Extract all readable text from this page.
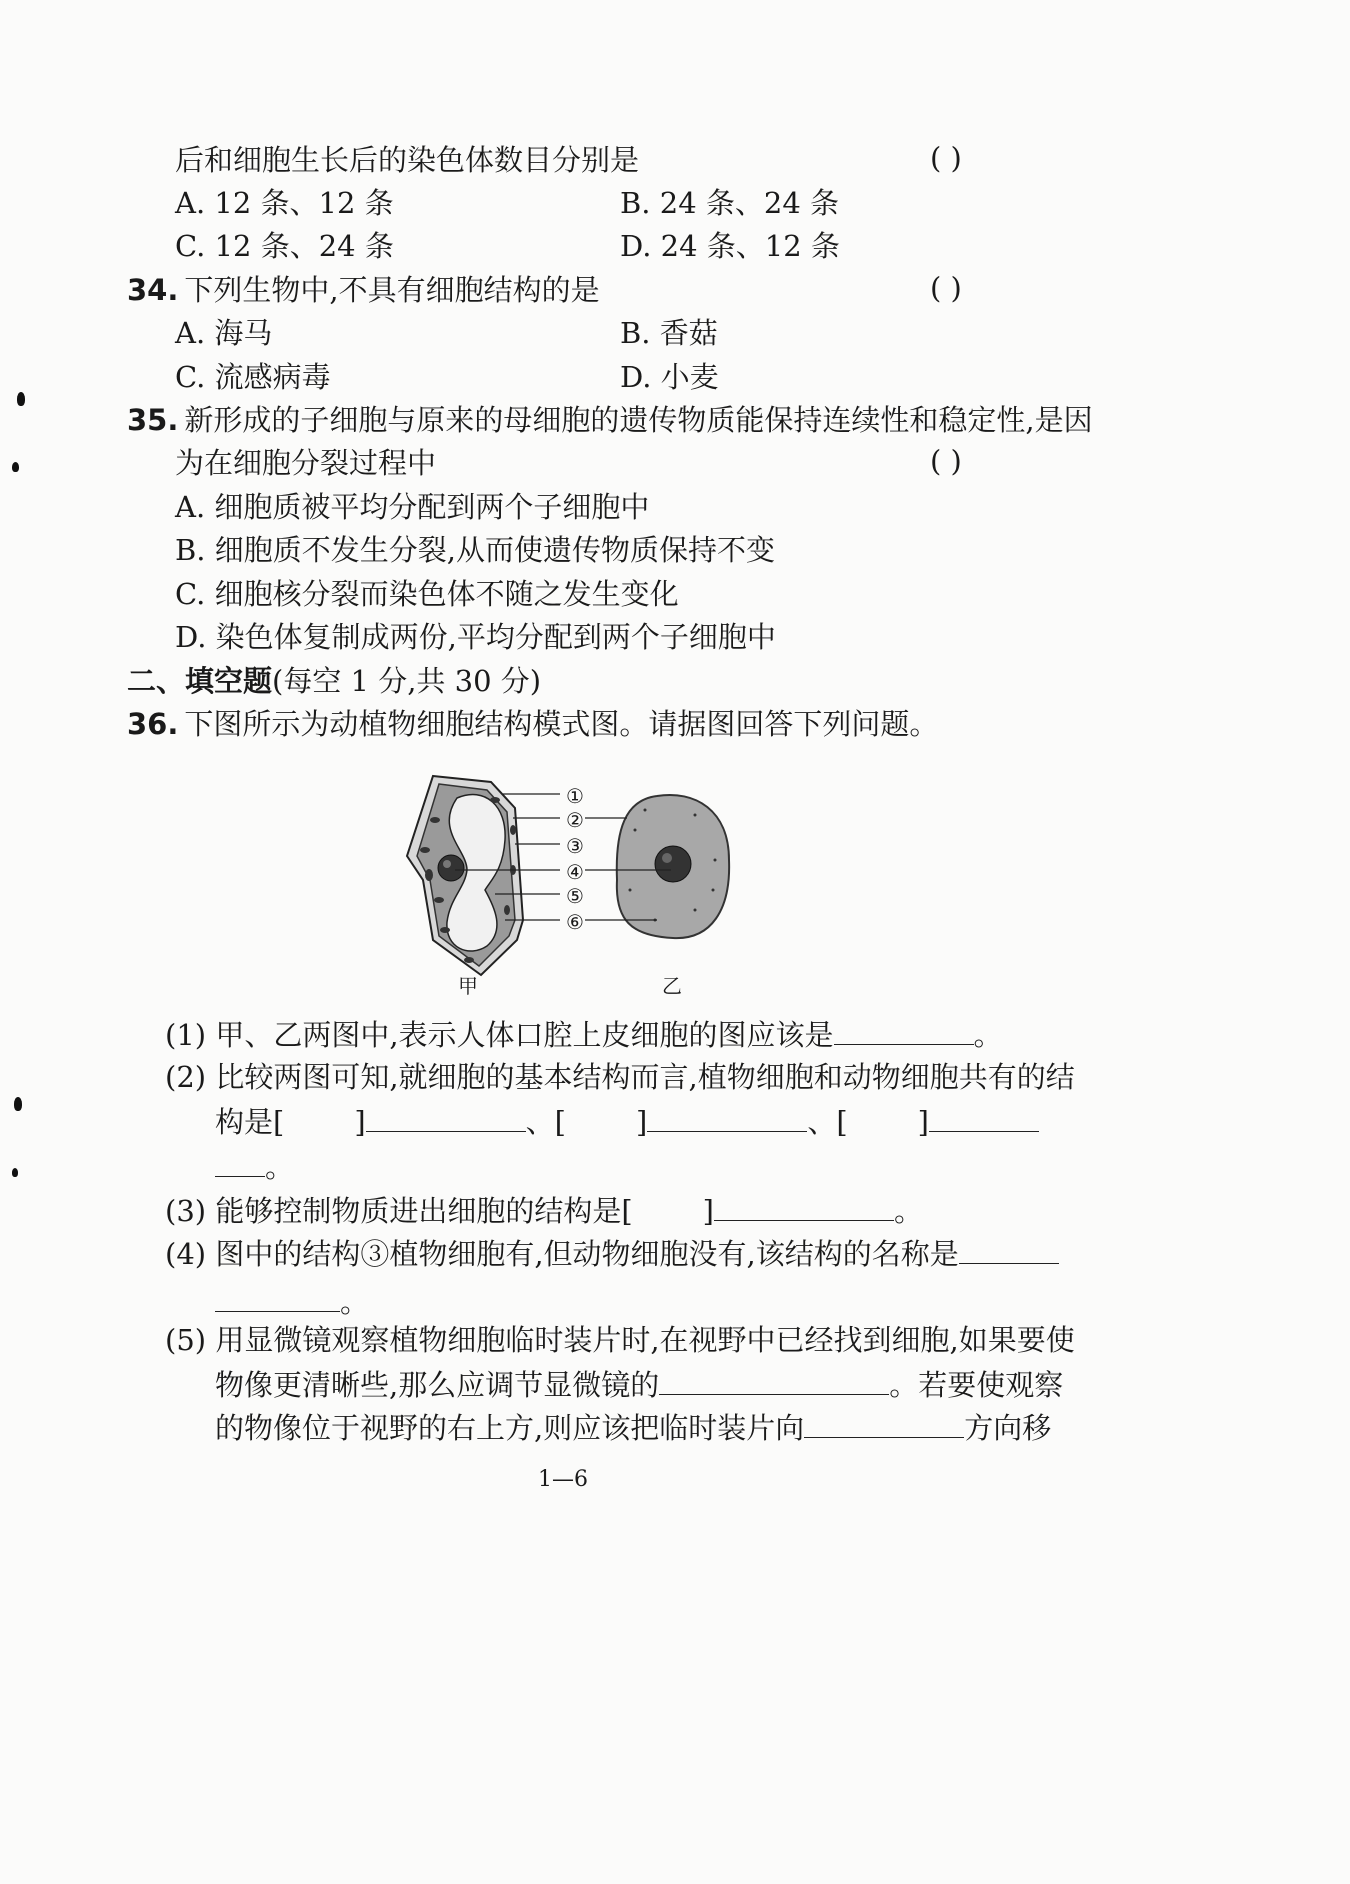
后和细胞生长后的染色体数目分别是	( )
A. 12 条、12 条	B. 24 条、24 条
C. 12 条、24 条	D. 24 条、12 条
34. 下列生物中,不具有细胞结构的是	( )
A. 海马	B. 香菇
C. 流感病毒	D. 小麦
35. 新形成的子细胞与原来的母细胞的遗传物质能保持连续性和稳定性,是因
为在细胞分裂过程中	( )
A. 细胞质被平均分配到两个子细胞中
B. 细胞质不发生分裂,从而使遗传物质保持不变
C. 细胞核分裂而染色体不随之发生变化
D. 染色体复制成两份,平均分配到两个子细胞中
二、填空题(每空 1 分,共 30 分)
36. 下图所示为动植物细胞结构模式图。请据图回答下列问题。
①
②
③
④
⑤
⑥
甲	乙
(1) 甲、乙两图中,表示人体口腔上皮细胞的图应该是	。
(2) 比较两图可知,就细胞的基本结构而言,植物细胞和动物细胞共有的结
构是[ ]	、[ ]	、[ ]
。
(3) 能够控制物质进出细胞的结构是[ ]	。
(4) 图中的结构③植物细胞有,但动物细胞没有,该结构的名称是
。
(5) 用显微镜观察植物细胞临时装片时,在视野中已经找到细胞,如果要使
物像更清晰些,那么应调节显微镜的	。若要使观察
的物像位于视野的右上方,则应该把临时装片向	方向移
1—6
